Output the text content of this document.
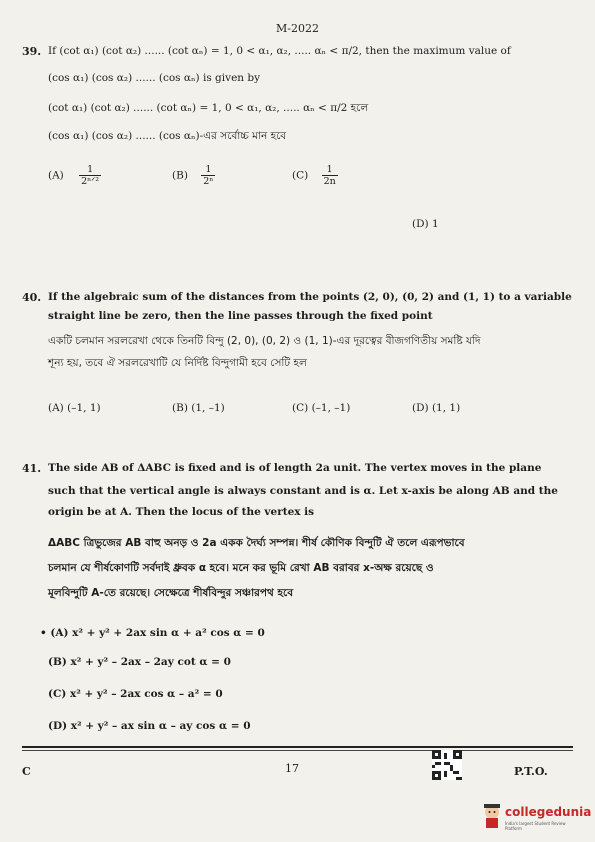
M-2022
39. If (cot α₁) (cot α₂) ...... (cot αₙ) = 1, 0 < α₁, α₂, ..... αₙ < π/2, then the maximum value of
(cos α₁) (cos α₂) ...... (cos αₙ) is given by
(cot α₁) (cot α₂) ...... (cot αₙ) = 1, 0 < α₁, α₂, ..... αₙ < π/2 হলে
(cos α₁) (cos α₂) ...... (cos αₙ)-এর সর্বোচ্চ মান হবে
$(A) \frac{1}{\text{2ⁿᐟ²}}$	$(B) \frac{1}{\text{2ⁿ}}$	$(C) \frac{1}{2n}$
(D) 1
40. If the algebraic sum of the distances from the points (2, 0), (0, 2) and (1, 1) to a variable
straight line be zero, then the line passes through the fixed point
একটি চলমান সরলরেখা থেকে তিনটি বিন্দু (2, 0), (0, 2) ও (1, 1)-এর দূরত্বের বীজগণিতীয় সমষ্টি যদি
শূন্য হয়, তবে ঐ সরলরেখাটি যে নির্দিষ্ট বিন্দুগামী হবে সেটি হল
(A) (–1, 1)	(B) (1, –1)	(C) (–1, –1)	(D) (1, 1)
41. The side AB of ΔABC is fixed and is of length 2a unit. The vertex moves in the plane
such that the vertical angle is always constant and is α. Let x-axis be along AB and the
origin be at A. Then the locus of the vertex is
ΔABC ত্রিভুজের AB বাহু অনড় ও 2a একক দৈর্ঘ্য সম্পন্ন। শীর্ষ কৌণিক বিন্দুটি ঐ তলে এরূপভাবে
চলমান যে শীর্ষকোণটি সর্বদাই ধ্রুবক α হবে। মনে কর ভূমি রেখা AB বরাবর x-অক্ষ রয়েছে ও
মূলবিন্দুটি A-তে রয়েছে। সেক্ষেত্রে শীর্ষবিন্দুর সঞ্চারপথ হবে
• (A) x² + y² + 2ax sin α + a² cos α = 0
(B) x² + y² – 2ax – 2ay cot α = 0
(C) x² + y² – 2ax cos α – a² = 0
(D) x² + y² – ax sin α – ay cos α = 0
C	17	P.T.O.
collegedunia
India's largest Student Review Platform
